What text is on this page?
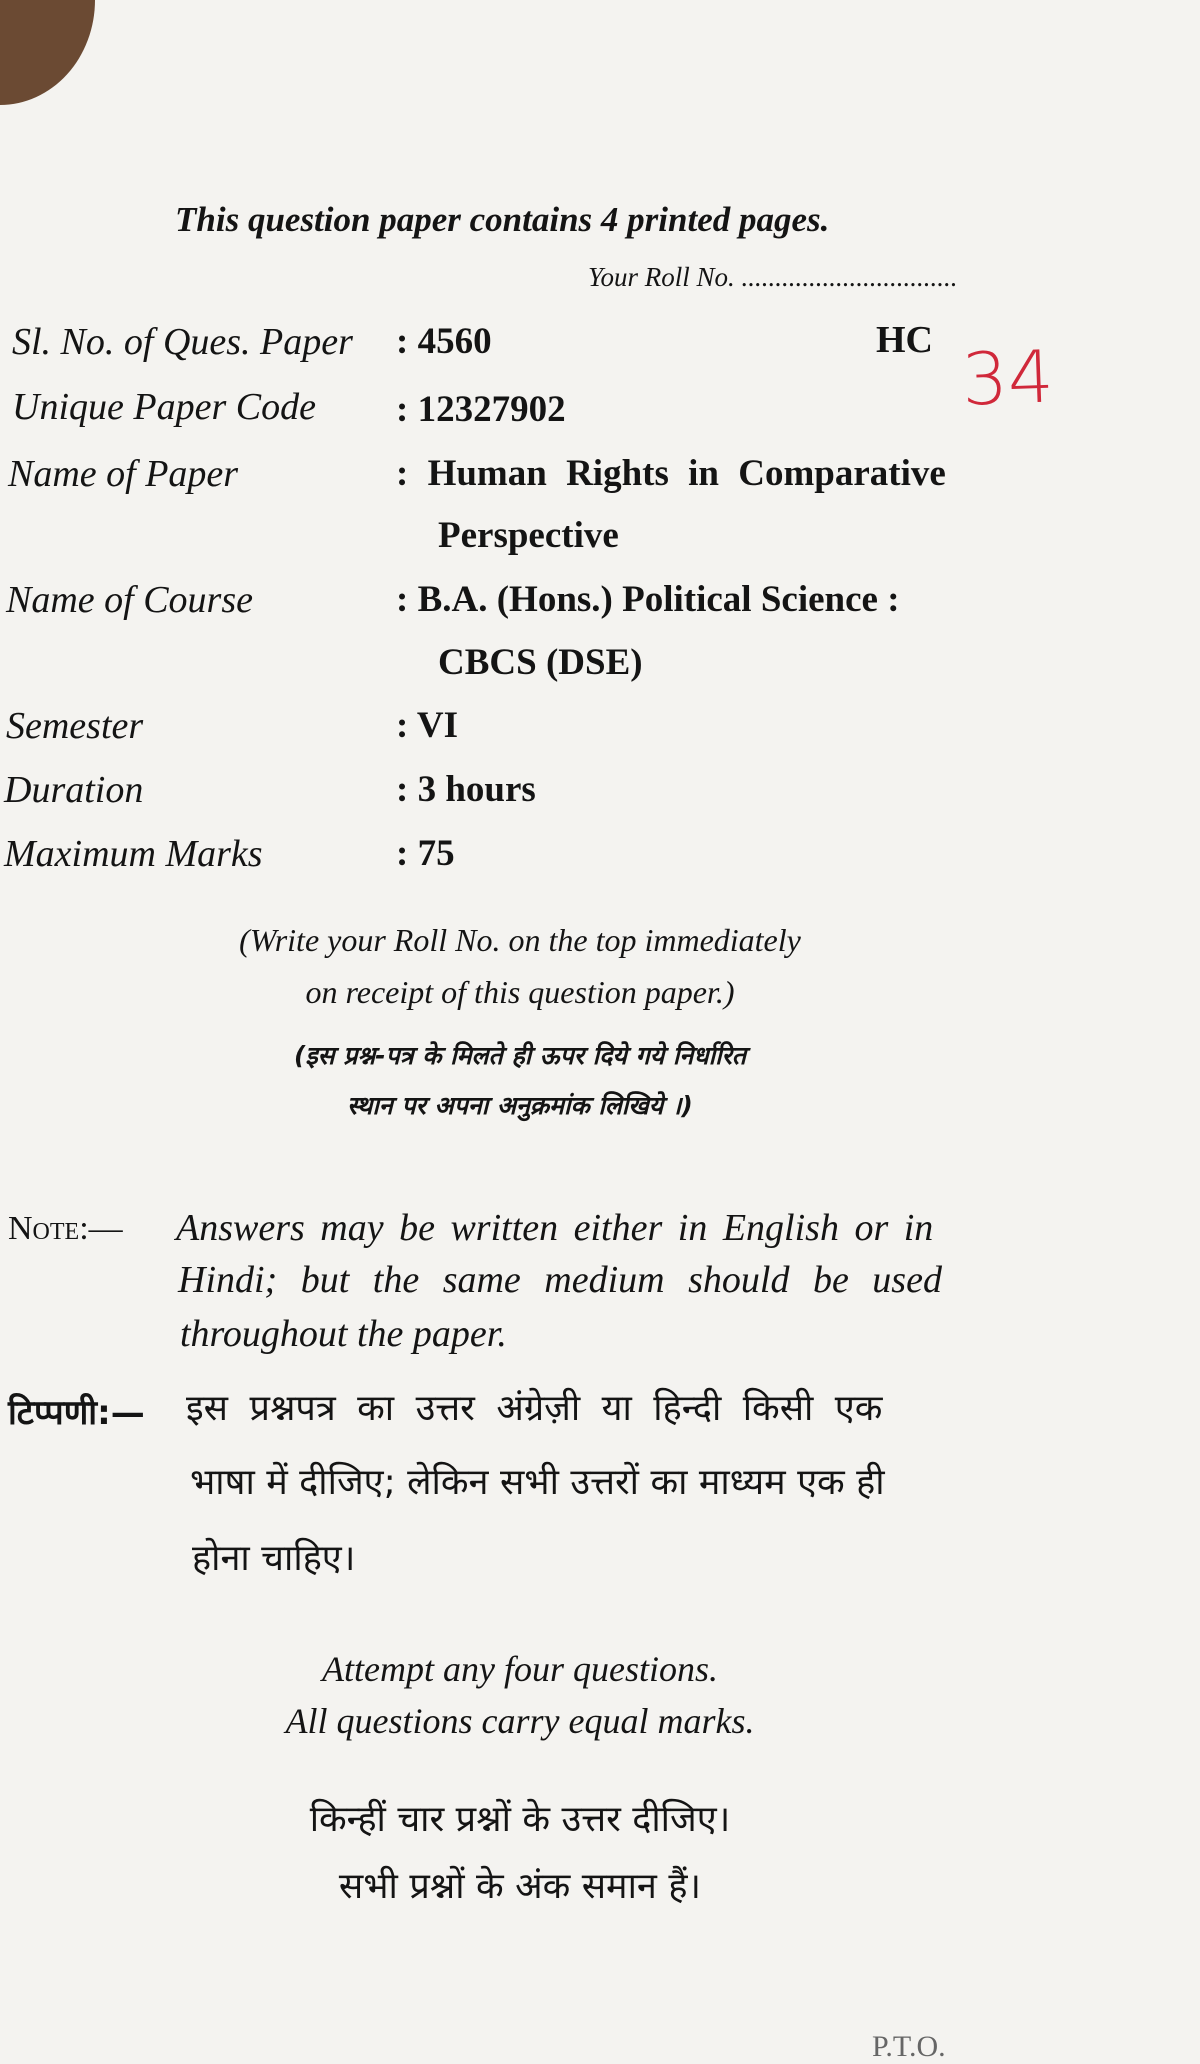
This question paper contains 4 printed pages.
Your Roll No. ................................
HC 34
Sl. No. of Ques. Paper
Unique Paper Code
Name of Paper
Name of Course
Semester
Duration
Maximum Marks
: 4560
: 12327902
: Human Rights in Comparative
Perspective
: B.A. (Hons.) Political Science :
CBCS (DSE)
: VI
: 3 hours
: 75
(Write your Roll No. on the top immediately
on receipt of this question paper.)
(इस प्रश्न-पत्र के मिलते ही ऊपर दिये गये निर्धारित
स्थान पर अपना अनुक्रमांक लिखिये ।)
Note:— Answers may be written either in English or in
Hindi; but the same medium should be used
throughout the paper.
टिप्पणी:— इस प्रश्नपत्र का उत्तर अंग्रेज़ी या हिन्दी किसी एक
भाषा में दीजिए; लेकिन सभी उत्तरों का माध्यम एक ही
होना चाहिए।
Attempt any four questions.
All questions carry equal marks.
किन्हीं चार प्रश्नों के उत्तर दीजिए।
सभी प्रश्नों के अंक समान हैं।
P.T.O.
